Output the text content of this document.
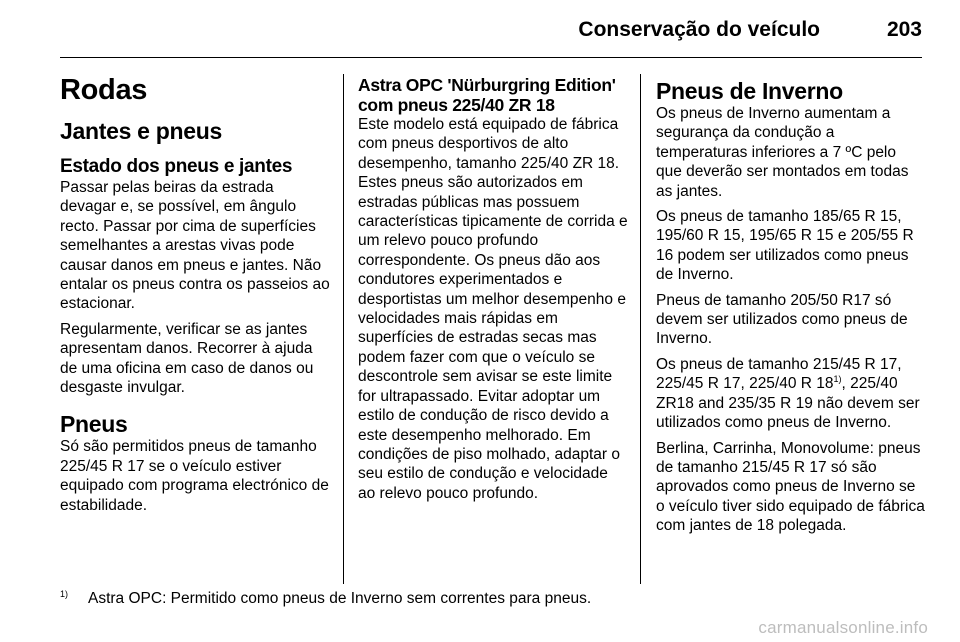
Conservação do veículo	203
Rodas
Jantes e pneus
Estado dos pneus e jantes

Passar pelas beiras da estrada devagar e, se possível, em ângulo recto. Passar por cima de superfícies semelhantes a arestas vivas pode causar danos em pneus e jantes. Não entalar os pneus contra os passeios ao estacionar.

Regularmente, verificar se as jantes apresentam danos. Recorrer à ajuda de uma oficina em caso de danos ou desgaste invulgar.

Pneus

Só são permitidos pneus de tamanho 225/45 R 17 se o veículo estiver equipado com programa electrónico de estabilidade.

Astra OPC 'Nürburgring Edition' com pneus 225/40 ZR 18

Este modelo está equipado de fábrica com pneus desportivos de alto desempenho, tamanho 225/40 ZR 18. Estes pneus são autorizados em estradas públicas mas possuem características tipicamente de corrida e um relevo pouco profundo correspondente. Os pneus dão aos condutores experimentados e desportistas um melhor desempenho e velocidades mais rápidas em superfícies de estradas secas mas podem fazer com que o veículo se descontrole sem avisar se este limite for ultrapassado. Evitar adoptar um estilo de condução de risco devido a este desempenho melhorado. Em condições de piso molhado, adaptar o seu estilo de condução e velocidade ao relevo pouco profundo.

Pneus de Inverno

Os pneus de Inverno aumentam a segurança da condução a temperaturas inferiores a 7 ºC pelo que deverão ser montados em todas as jantes.

Os pneus de tamanho 185/65 R 15, 195/60 R 15, 195/65 R 15 e 205/55 R 16 podem ser utilizados como pneus de Inverno.

Pneus de tamanho 205/50 R17 só devem ser utilizados como pneus de Inverno.

Os pneus de tamanho 215/45 R 17, 225/45 R 17, 225/40 R 18$^{1)}$, 225/40 ZR18 and 235/35 R 19 não devem ser utilizados como pneus de Inverno.

Berlina, Carrinha, Monovolume: pneus de tamanho 215/45 R 17 só são aprovados como pneus de Inverno se o veículo tiver sido equipado de fábrica com jantes de 18 polegada.

1) Astra OPC: Permitido como pneus de Inverno sem correntes para pneus.
carmanualsonline.info
